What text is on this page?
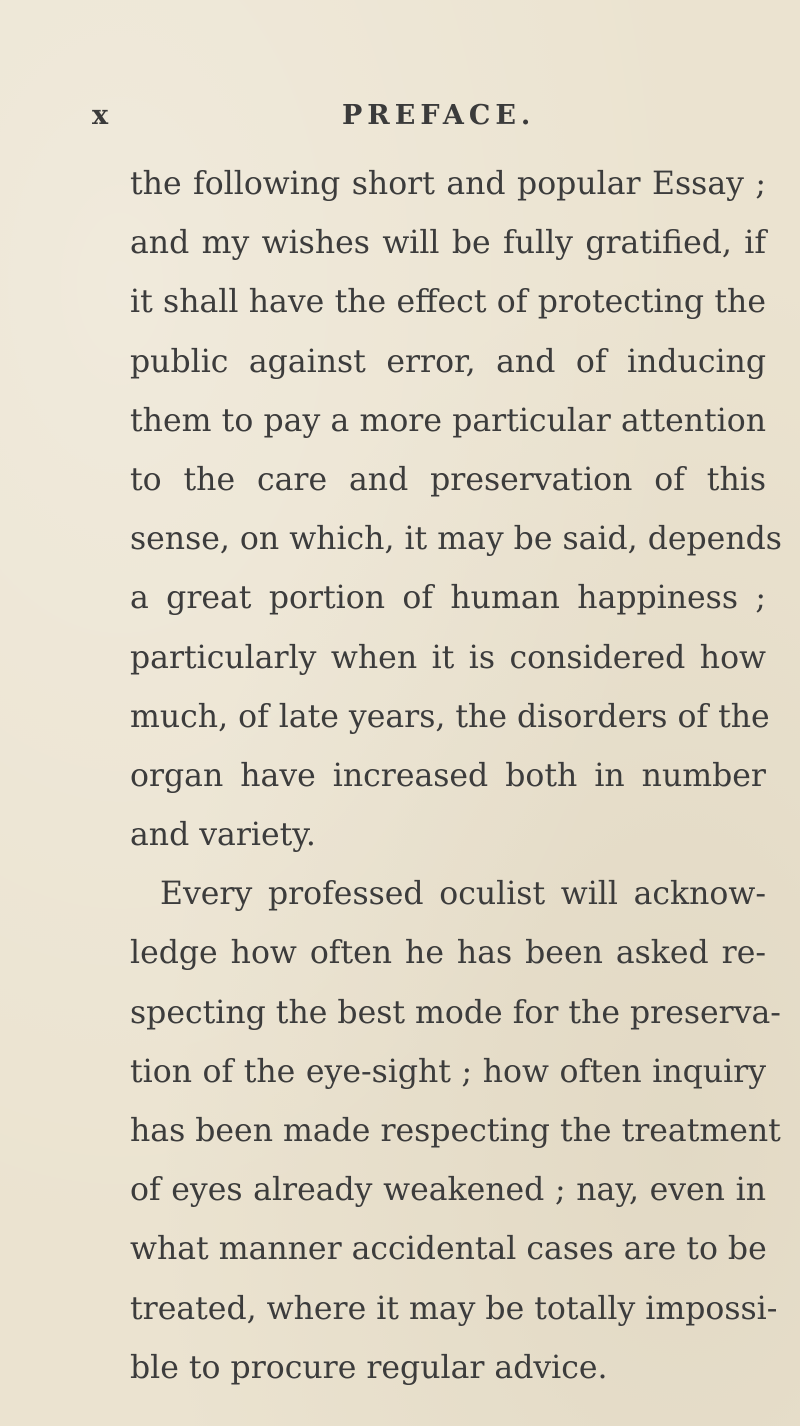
x	PREFACE.
the following short and popular Essay ;
and my wishes will be fully gratified, if
it shall have the effect of protecting the
public against error, and of inducing
them to pay a more particular attention
to the care and preservation of this
sense, on which, it may be said, depends
a great portion of human happiness ;
particularly when it is considered how
much, of late years, the disorders of the
organ have increased both in number
and variety.
Every professed oculist will acknow-
ledge how often he has been asked re-
specting the best mode for the preserva-
tion of the eye-sight ; how often inquiry
has been made respecting the treatment
of eyes already weakened ; nay, even in
what manner accidental cases are to be
treated, where it may be totally impossi-
ble to procure regular advice.
